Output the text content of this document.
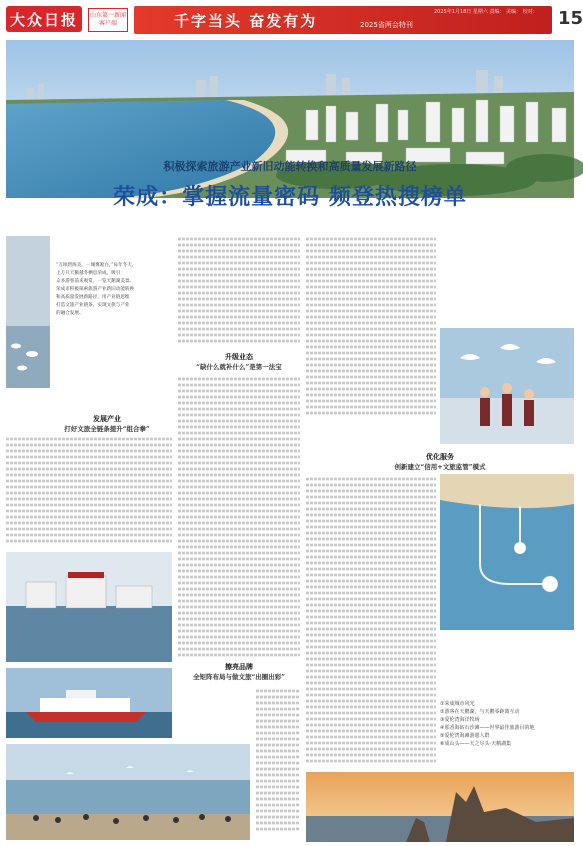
大众日报	山东第一新闻客户端	千字当头 奋发有为	2025省两会特刊
2025年1月18日 星期六 责编： 美编： 校对： 15
积极探索旅游产业新旧动能转换和高质量发展新路径
荣成：掌握流量密码 频登热搜榜单
“万顷碧海美，一城雾凇白，”每年冬天，
上万只天鹅越冬栖息荣成，吸引
众多游客前来观赏，一览天鹅湖美景。
荣成市积极探索旅游产业新旧动能转换
和高质量发展新路径，用产业链思维
打造文旅产业链条，实现文旅与产业
的融合发展。
发展产业
打好文旅全链条提升“组合拳”
升级业态
“缺什么就补什么”是第一法宝
擦亮品牌
全矩阵布局与做文旅“出圈出彩”
优化服务
创新建立“信用+文旅监管”模式
①荣成城市风光
②游客在天鹅湖，与天鹅零距离互动
③爱伦湾海洋牧场
④那香海钻石沙滩——世界最佳旅游目的地
⑤爱伦湾海滩游憩人群
⑥成山头——天之尽头·天鹅湖集
